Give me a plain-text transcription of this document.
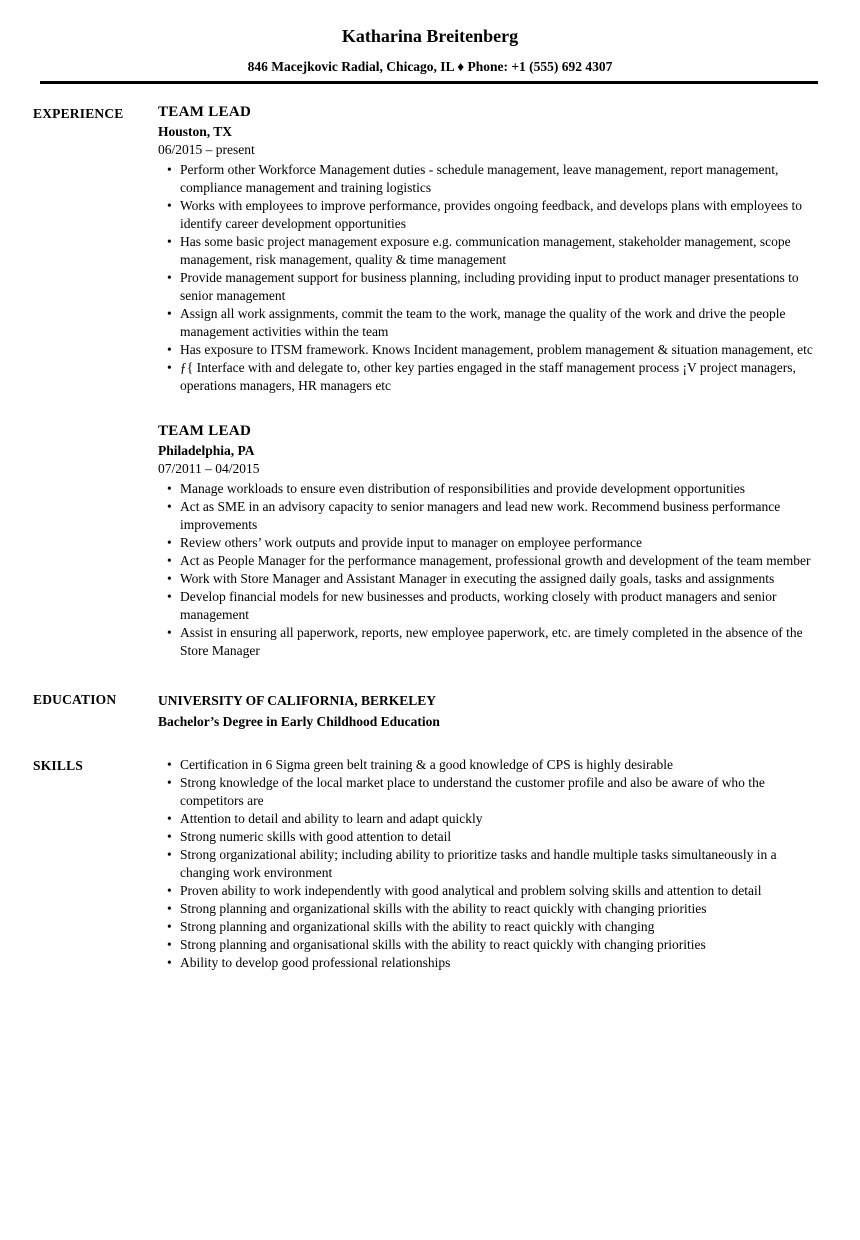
Katharina Breitenberg
846 Macejkovic Radial, Chicago, IL ♦ Phone: +1 (555) 692 4307
EXPERIENCE	TEAM LEAD
Houston, TX
06/2015 – present
• Perform other Workforce Management duties - schedule management, leave management, report management, compliance management and training logistics
• Works with employees to improve performance, provides ongoing feedback, and develops plans with employees to identify career development opportunities
• Has some basic project management exposure e.g. communication management, stakeholder management, scope management, risk management, quality & time management
• Provide management support for business planning, including providing input to product manager presentations to senior management
• Assign all work assignments, commit the team to the work, manage the quality of the work and drive the people management activities within the team
• Has exposure to ITSM framework. Knows Incident management, problem management & situation management, etc
• ƒ{ Interface with and delegate to, other key parties engaged in the staff management process ¡V project managers, operations managers, HR managers etc
TEAM LEAD
Philadelphia, PA
07/2011 – 04/2015
• Manage workloads to ensure even distribution of responsibilities and provide development opportunities
• Act as SME in an advisory capacity to senior managers and lead new work. Recommend business performance improvements
• Review others’ work outputs and provide input to manager on employee performance
• Act as People Manager for the performance management, professional growth and development of the team member
• Work with Store Manager and Assistant Manager in executing the assigned daily goals, tasks and assignments
• Develop financial models for new businesses and products, working closely with product managers and senior management
• Assist in ensuring all paperwork, reports, new employee paperwork, etc. are timely completed in the absence of the Store Manager
EDUCATION	UNIVERSITY OF CALIFORNIA, BERKELEY
Bachelor’s Degree in Early Childhood Education
SKILLS	• Certification in 6 Sigma green belt training & a good knowledge of CPS is highly desirable
• Strong knowledge of the local market place to understand the customer profile and also be aware of who the competitors are
• Attention to detail and ability to learn and adapt quickly
• Strong numeric skills with good attention to detail
• Strong organizational ability; including ability to prioritize tasks and handle multiple tasks simultaneously in a changing work environment
• Proven ability to work independently with good analytical and problem solving skills and attention to detail
• Strong planning and organizational skills with the ability to react quickly with changing priorities
• Strong planning and organizational skills with the ability to react quickly with changing
• Strong planning and organisational skills with the ability to react quickly with changing priorities
• Ability to develop good professional relationships
